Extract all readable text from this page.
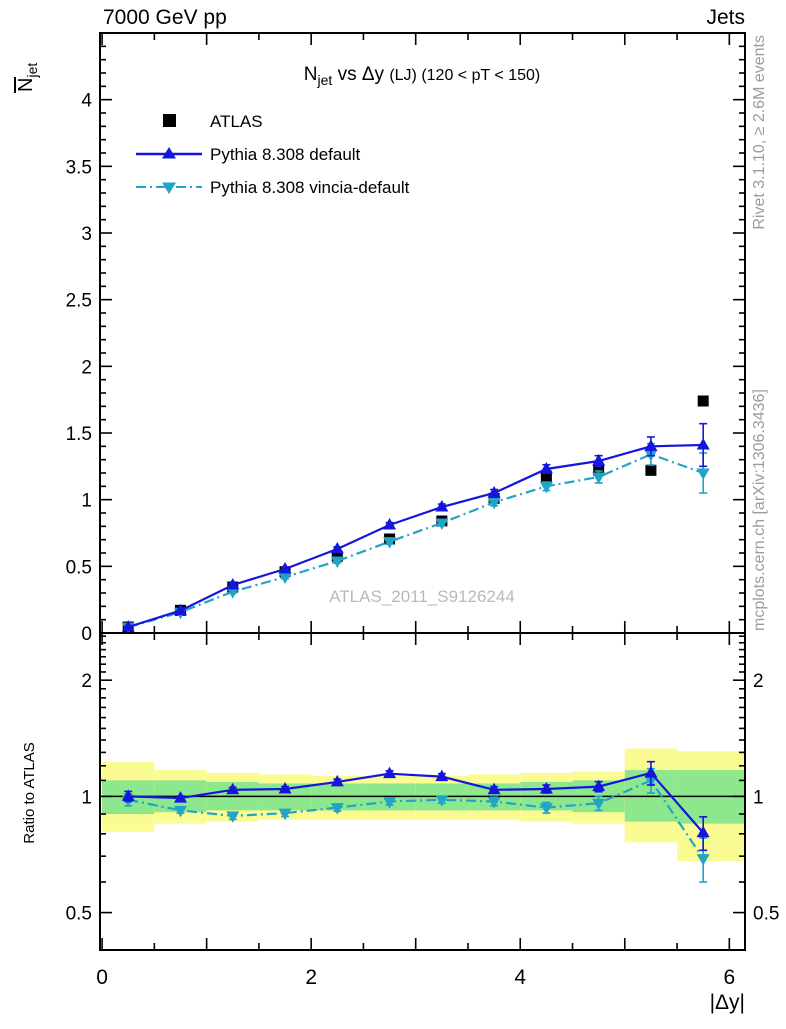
0
0.5
1
1.5
2
2.5
3
3.5
4
0.5	0.5
1	1
2	2
7000 GeV pp	Jets
$N_{jet}$ vs Δy (LJ) (120 < pT < 150)
$N_{jet}$
Ratio to ATLAS
Rivet 3.1.10, ≥ 2.6M events
mcplots.cern.ch [arXiv:1306.3436]
ATLAS_2011_S9126244
ATLAS
Pythia 8.308 default
Pythia 8.308 vincia-default
0	2	4	6
|Δy|
